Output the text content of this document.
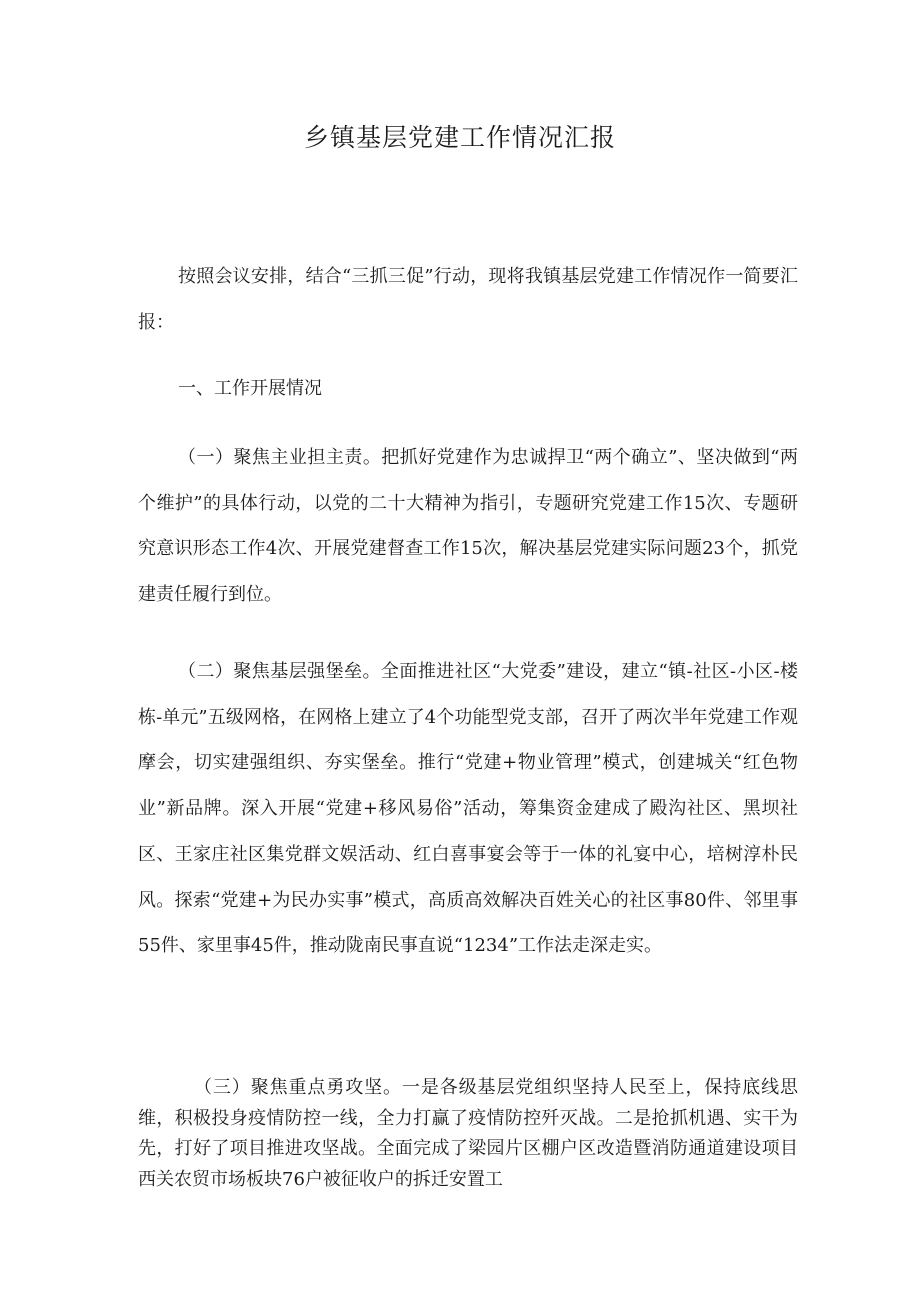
乡镇基层党建工作情况汇报

按照会议安排，结合“三抓三促”行动，现将我镇基层党建工作情况作一简要汇报：

一、工作开展情况

（一）聚焦主业担主责。把抓好党建作为忠诚捍卫“两个确立”、坚决做到“两个维护”的具体行动，以党的二十大精神为指引，专题研究党建工作15次、专题研究意识形态工作4次、开展党建督查工作15次，解决基层党建实际问题23个，抓党建责任履行到位。

（二）聚焦基层强堡垒。全面推进社区“大党委”建设，建立“镇-社区-小区-楼栋-单元”五级网格，在网格上建立了4个功能型党支部，召开了两次半年党建工作观摩会，切实建强组织、夯实堡垒。推行“党建+物业管理”模式，创建城关“红色物业”新品牌。深入开展“党建+移风易俗”活动，筹集资金建成了殿沟社区、黑坝社区、王家庄社区集党群文娱活动、红白喜事宴会等于一体的礼宴中心，培树淳朴民风。探索“党建+为民办实事”模式，高质高效解决百姓关心的社区事80件、邻里事55件、家里事45件，推动陇南民事直说“1234”工作法走深走实。

（三）聚焦重点勇攻坚。一是各级基层党组织坚持人民至上，保持底线思维，积极投身疫情防控一线，全力打赢了疫情防控歼灭战。二是抢抓机遇、实干为先，打好了项目推进攻坚战。全面完成了梁园片区棚户区改造暨消防通道建设项目西关农贸市场板块76户被征收户的拆迁安置工
